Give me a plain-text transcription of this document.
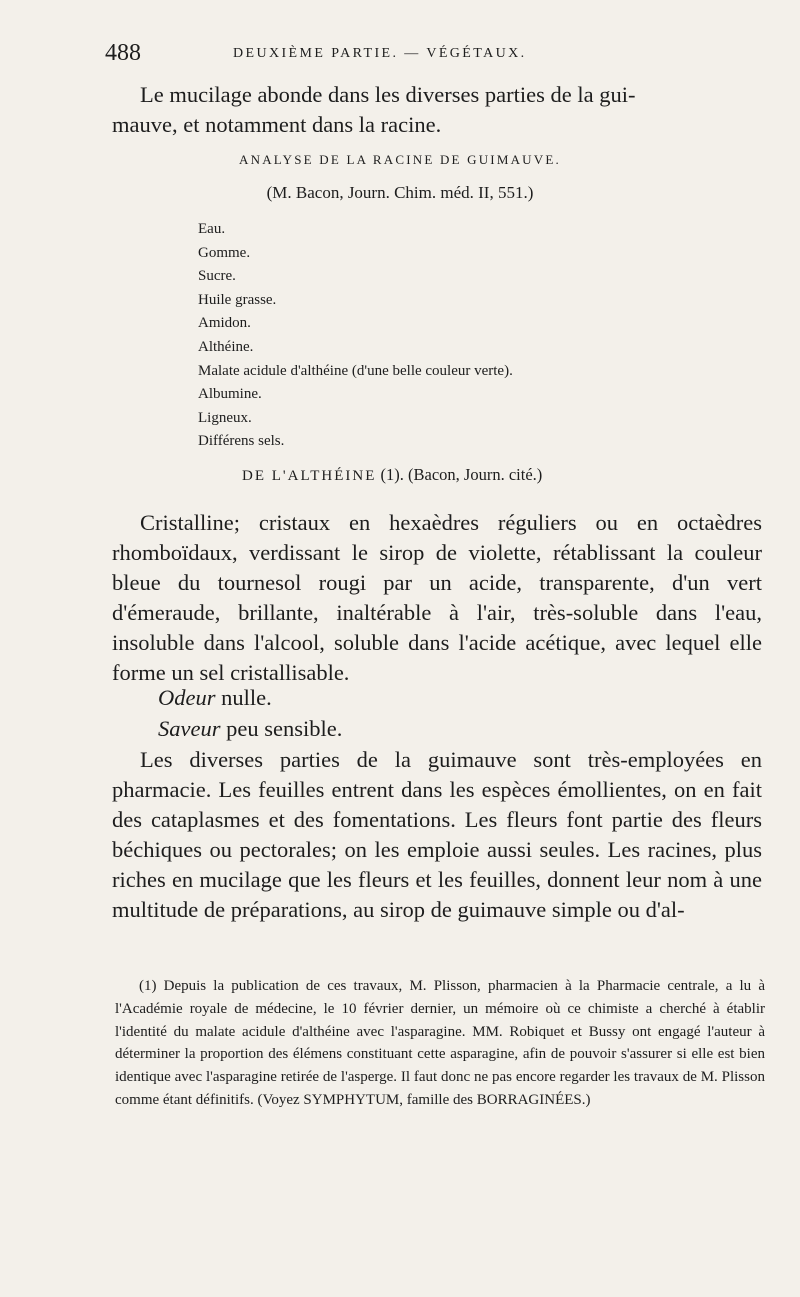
488	DEUXIÈME PARTIE. — VÉGÉTAUX.
Le mucilage abonde dans les diverses parties de la gui-
mauve, et notamment dans la racine.
ANALYSE DE LA RACINE DE GUIMAUVE.
(M. Bacon, Journ. Chim. méd. II, 551.)
Eau.
Gomme.
Sucre.
Huile grasse.
Amidon.
Althéine.
Malate acidule d'althéine (d'une belle couleur verte).
Albumine.
Ligneux.
Différens sels.
DE L'ALTHÉINE (1). (Bacon, Journ. cité.)
Cristalline; cristaux en hexaèdres réguliers ou en octaèdres rhomboïdaux, verdissant le sirop de violette, rétablissant la couleur bleue du tournesol rougi par un acide, transparente, d'un vert d'émeraude, brillante, inaltérable à l'air, très-soluble dans l'eau, insoluble dans l'alcool, soluble dans l'acide acétique, avec lequel elle forme un sel cristallisable.
Odeur nulle.
Saveur peu sensible.
Les diverses parties de la guimauve sont très-employées en pharmacie. Les feuilles entrent dans les espèces émollientes, on en fait des cataplasmes et des fomentations. Les fleurs font partie des fleurs béchiques ou pectorales; on les emploie aussi seules. Les racines, plus riches en mucilage que les fleurs et les feuilles, donnent leur nom à une multitude de préparations, au sirop de guimauve simple ou d'al-
(1) Depuis la publication de ces travaux, M. Plisson, pharmacien à la Pharmacie centrale, a lu à l'Académie royale de médecine, le 10 février dernier, un mémoire où ce chimiste a cherché à établir l'identité du malate acidule d'althéine avec l'asparagine. MM. Robiquet et Bussy ont engagé l'auteur à déterminer la proportion des élémens constituant cette asparagine, afin de pouvoir s'assurer si elle est bien identique avec l'asparagine retirée de l'asperge. Il faut donc ne pas encore regarder les travaux de M. Plisson comme étant définitifs. (Voyez SYMPHYTUM, famille des BORRAGINÉES.)
